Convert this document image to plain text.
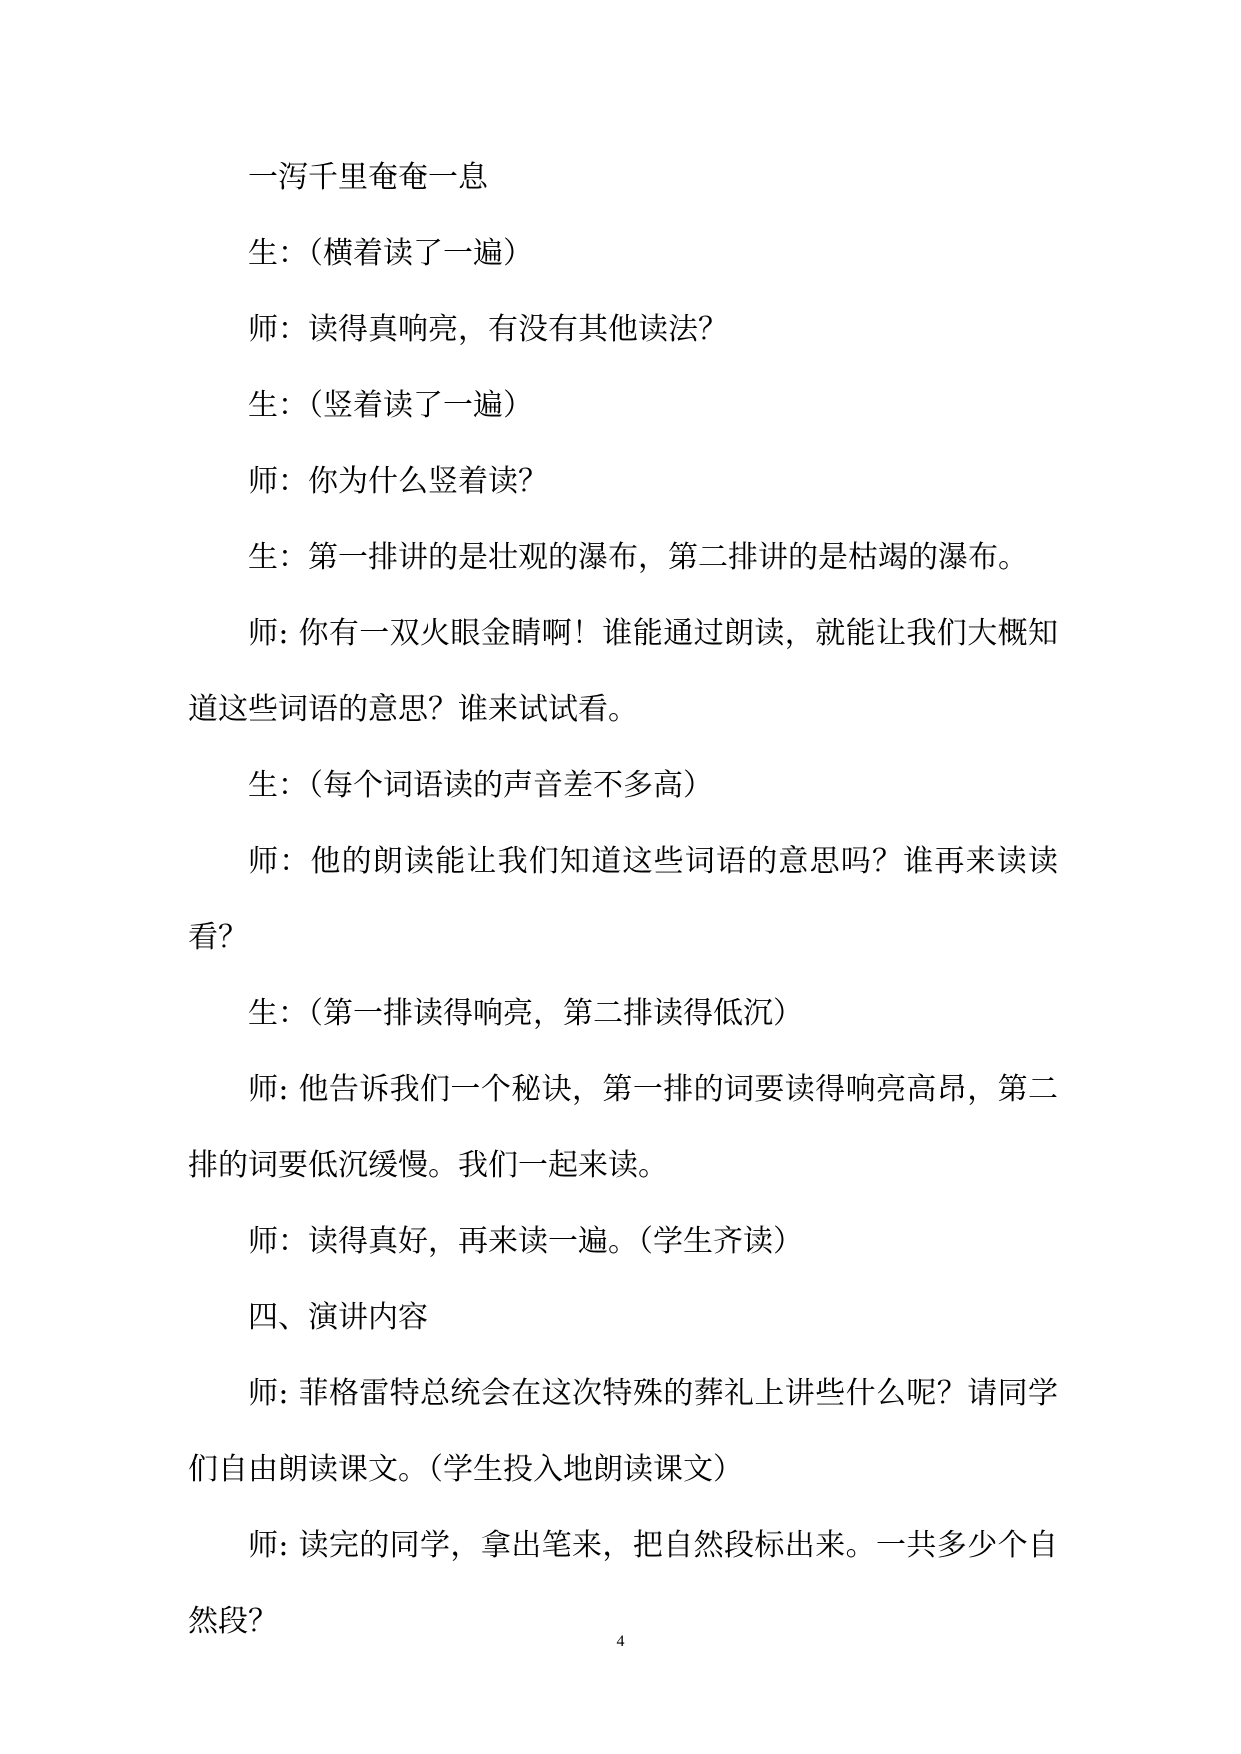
一泻千里奄奄一息

生：（横着读了一遍）

师：读得真响亮，有没有其他读法？

生：（竖着读了一遍）

师：你为什么竖着读？

生：第一排讲的是壮观的瀑布，第二排讲的是枯竭的瀑布。

师: 你有一双火眼金睛啊！谁能通过朗读，就能让我们大概知道这些词语的意思？谁来试试看。

生：（每个词语读的声音差不多高）

师：他的朗读能让我们知道这些词语的意思吗？谁再来读读看？

生：（第一排读得响亮，第二排读得低沉）

师: 他告诉我们一个秘诀，第一排的词要读得响亮高昂，第二排的词要低沉缓慢。我们一起来读。

师：读得真好，再来读一遍。（学生齐读）

四、演讲内容

师: 菲格雷特总统会在这次特殊的葬礼上讲些什么呢？请同学们自由朗读课文。（学生投入地朗读课文）

师: 读完的同学，拿出笔来，把自然段标出来。一共多少个自然段？

4
